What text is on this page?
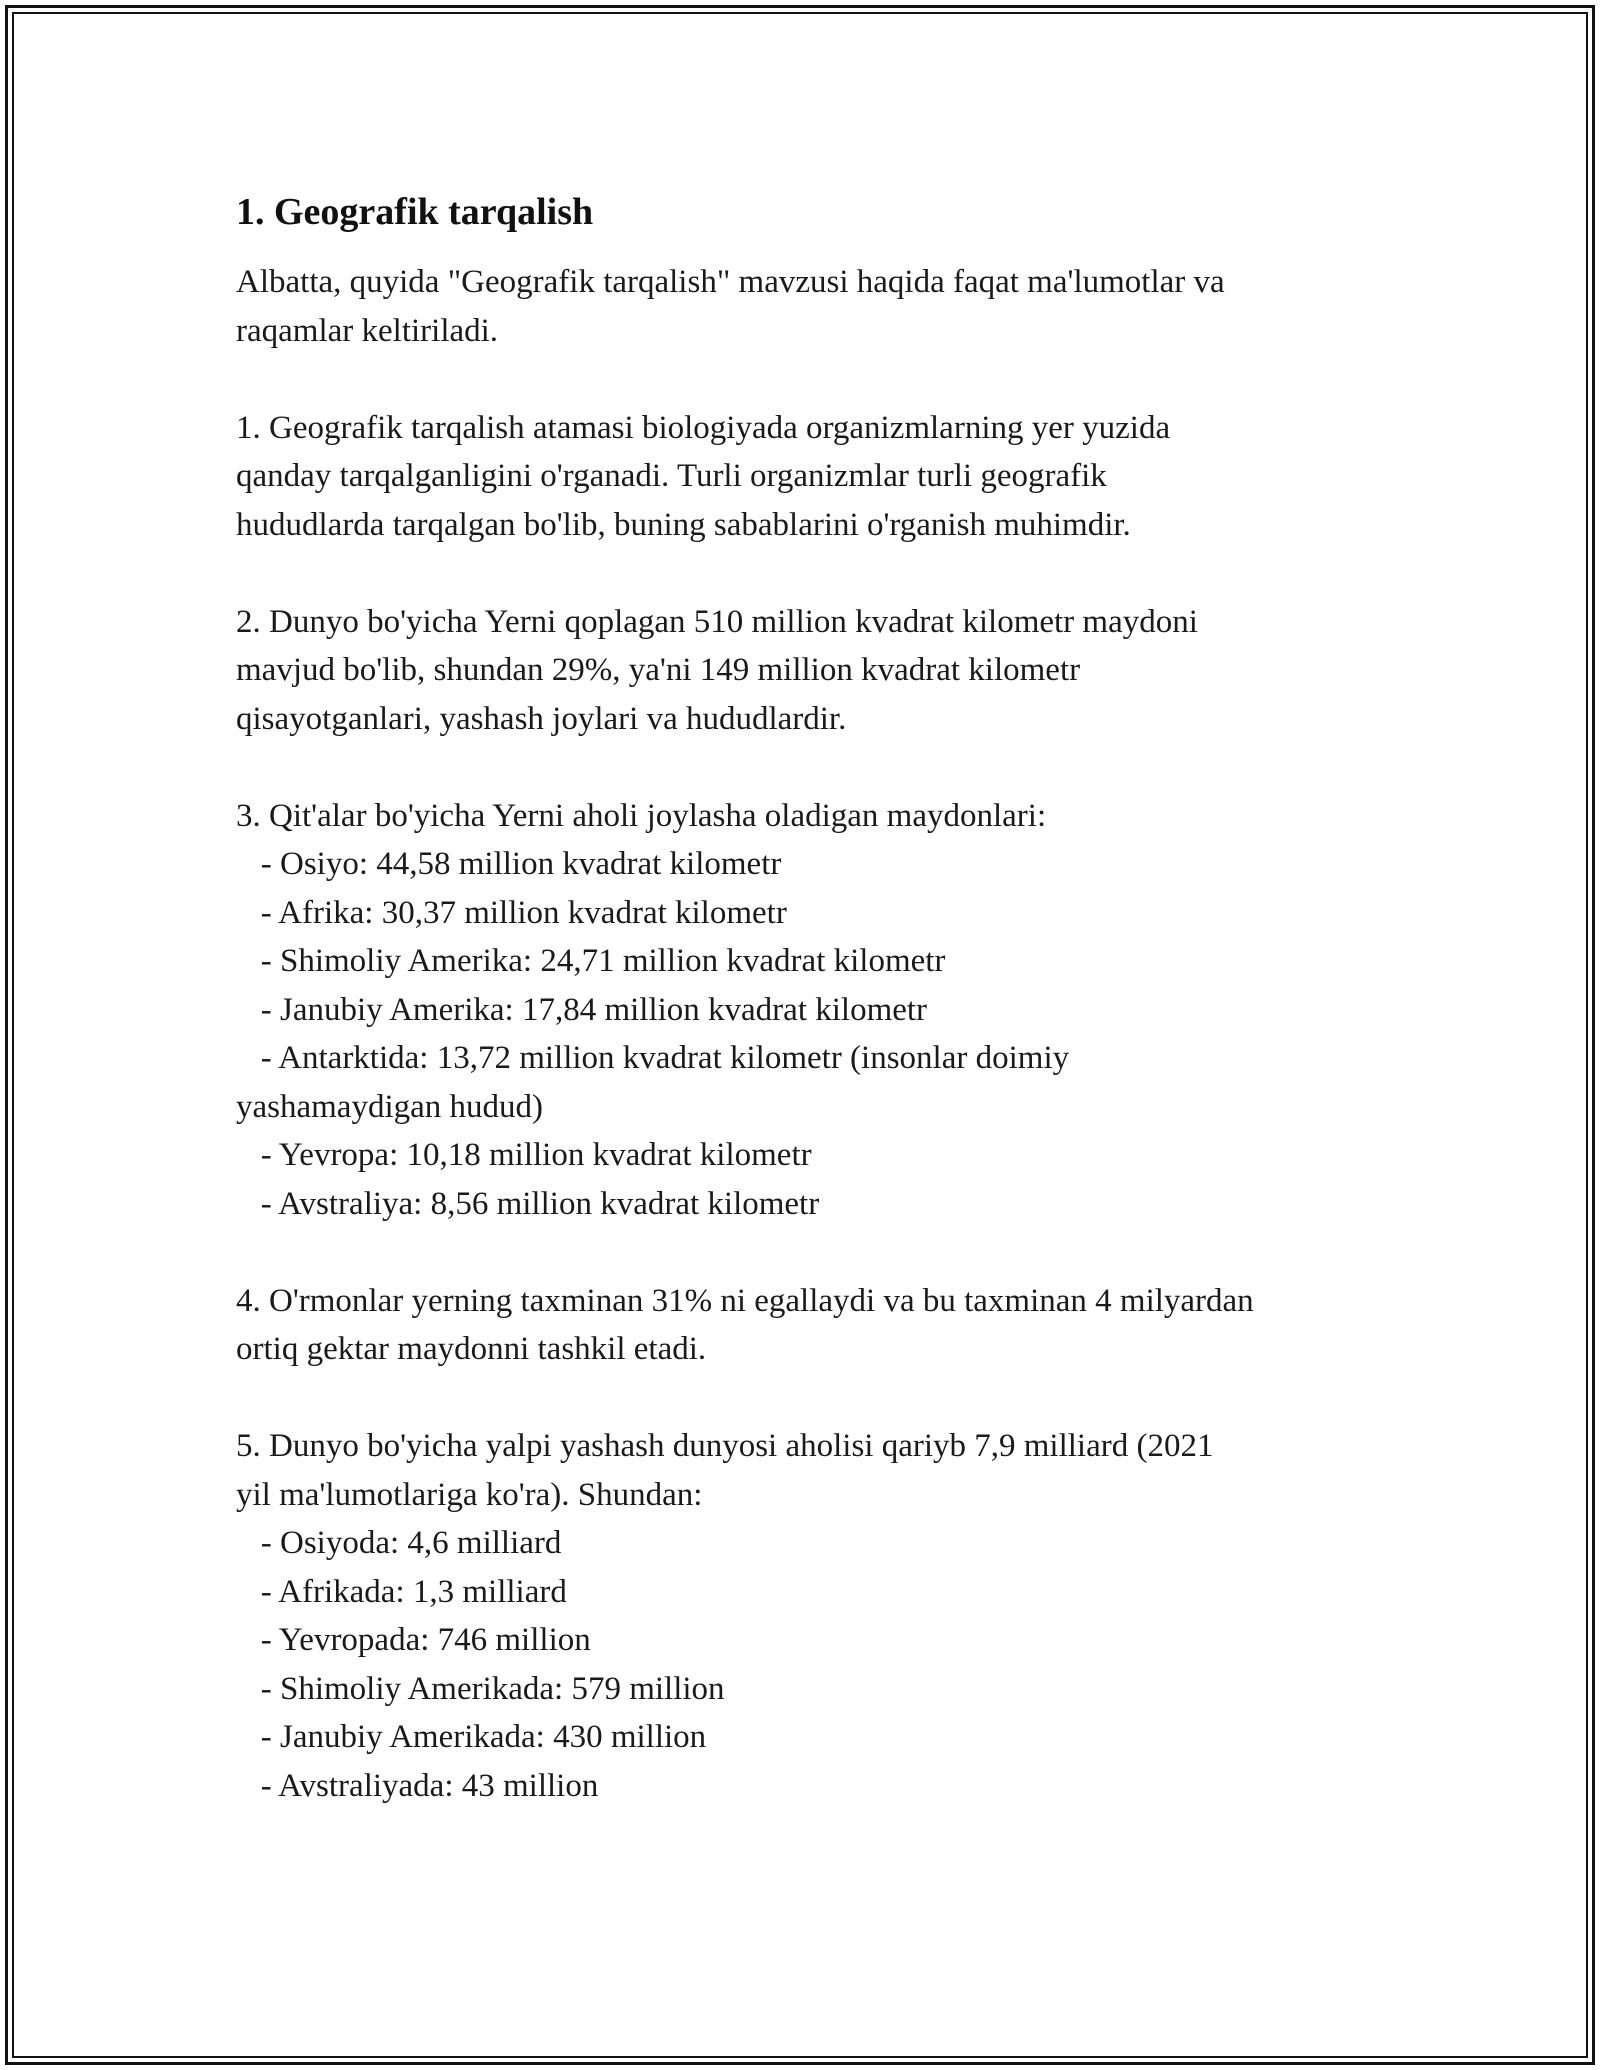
1. Geografik tarqalish

Albatta, quyida "Geografik tarqalish" mavzusi haqida faqat ma'lumotlar va
raqamlar keltiriladi.

1. Geografik tarqalish atamasi biologiyada organizmlarning yer yuzida
qanday tarqalganligini o'rganadi. Turli organizmlar turli geografik
hududlarda tarqalgan bo'lib, buning sabablarini o'rganish muhimdir.

2. Dunyo bo'yicha Yerni qoplagan 510 million kvadrat kilometr maydoni
mavjud bo'lib, shundan 29%, ya'ni 149 million kvadrat kilometr
qisayotganlari, yashash joylari va hududlardir.

3. Qit'alar bo'yicha Yerni aholi joylasha oladigan maydonlari:
- Osiyo: 44,58 million kvadrat kilometr
- Afrika: 30,37 million kvadrat kilometr
- Shimoliy Amerika: 24,71 million kvadrat kilometr
- Janubiy Amerika: 17,84 million kvadrat kilometr
- Antarktida: 13,72 million kvadrat kilometr (insonlar doimiy
yashamaydigan hudud)
- Yevropa: 10,18 million kvadrat kilometr
- Avstraliya: 8,56 million kvadrat kilometr

4. O'rmonlar yerning taxminan 31% ni egallaydi va bu taxminan 4 milyardan
ortiq gektar maydonni tashkil etadi.

5. Dunyo bo'yicha yalpi yashash dunyosi aholisi qariyb 7,9 milliard (2021
yil ma'lumotlariga ko'ra). Shundan:
- Osiyoda: 4,6 milliard
- Afrikada: 1,3 milliard
- Yevropada: 746 million
- Shimoliy Amerikada: 579 million
- Janubiy Amerikada: 430 million
- Avstraliyada: 43 million
